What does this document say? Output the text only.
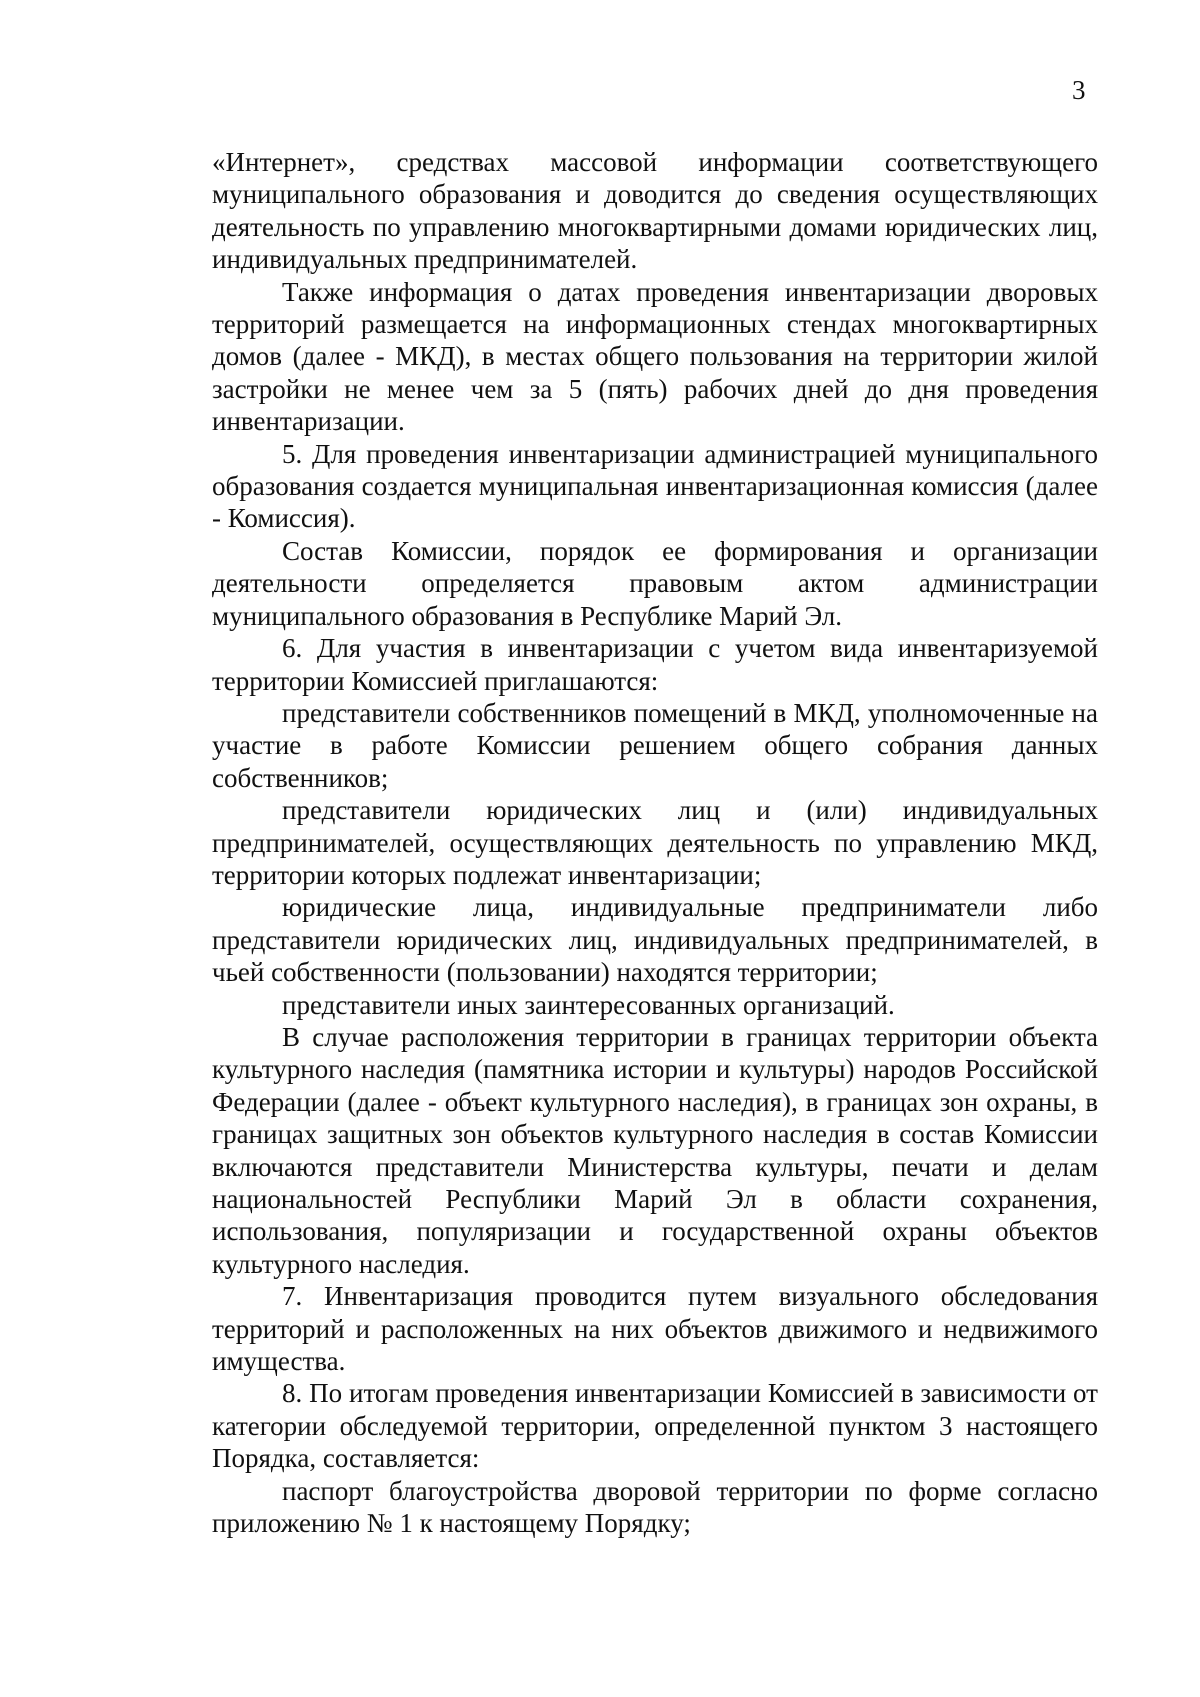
3

«Интернет», средствах массовой информации соответствующего муниципального образования и доводится до сведения осуществляющих деятельность по управлению многоквартирными домами юридических лиц, индивидуальных предпринимателей.

Также информация о датах проведения инвентаризации дворовых территорий размещается на информационных стендах многоквартирных домов (далее - МКД), в местах общего пользования на территории жилой застройки не менее чем за 5 (пять) рабочих дней до дня проведения инвентаризации.

5. Для проведения инвентаризации администрацией муниципального образования создается муниципальная инвентаризационная комиссия (далее - Комиссия).

Состав Комиссии, порядок ее формирования и организации деятельности определяется правовым актом администрации муниципального образования в Республике Марий Эл.

6. Для участия в инвентаризации с учетом вида инвентаризуемой территории Комиссией приглашаются:

представители собственников помещений в МКД, уполномоченные на участие в работе Комиссии решением общего собрания данных собственников;

представители юридических лиц и (или) индивидуальных предпринимателей, осуществляющих деятельность по управлению МКД, территории которых подлежат инвентаризации;

юридические лица, индивидуальные предприниматели либо представители юридических лиц, индивидуальных предпринимателей, в чьей собственности (пользовании) находятся территории;

представители иных заинтересованных организаций.

В случае расположения территории в границах территории объекта культурного наследия (памятника истории и культуры) народов Российской Федерации (далее - объект культурного наследия), в границах зон охраны, в границах защитных зон объектов культурного наследия в состав Комиссии включаются представители Министерства культуры, печати и делам национальностей Республики Марий Эл в области сохранения, использования, популяризации и государственной охраны объектов культурного наследия.

7. Инвентаризация проводится путем визуального обследования территорий и расположенных на них объектов движимого и недвижимого имущества.

8. По итогам проведения инвентаризации Комиссией в зависимости от категории обследуемой территории, определенной пунктом 3 настоящего Порядка, составляется:

паспорт благоустройства дворовой территории по форме согласно приложению № 1 к настоящему Порядку;
